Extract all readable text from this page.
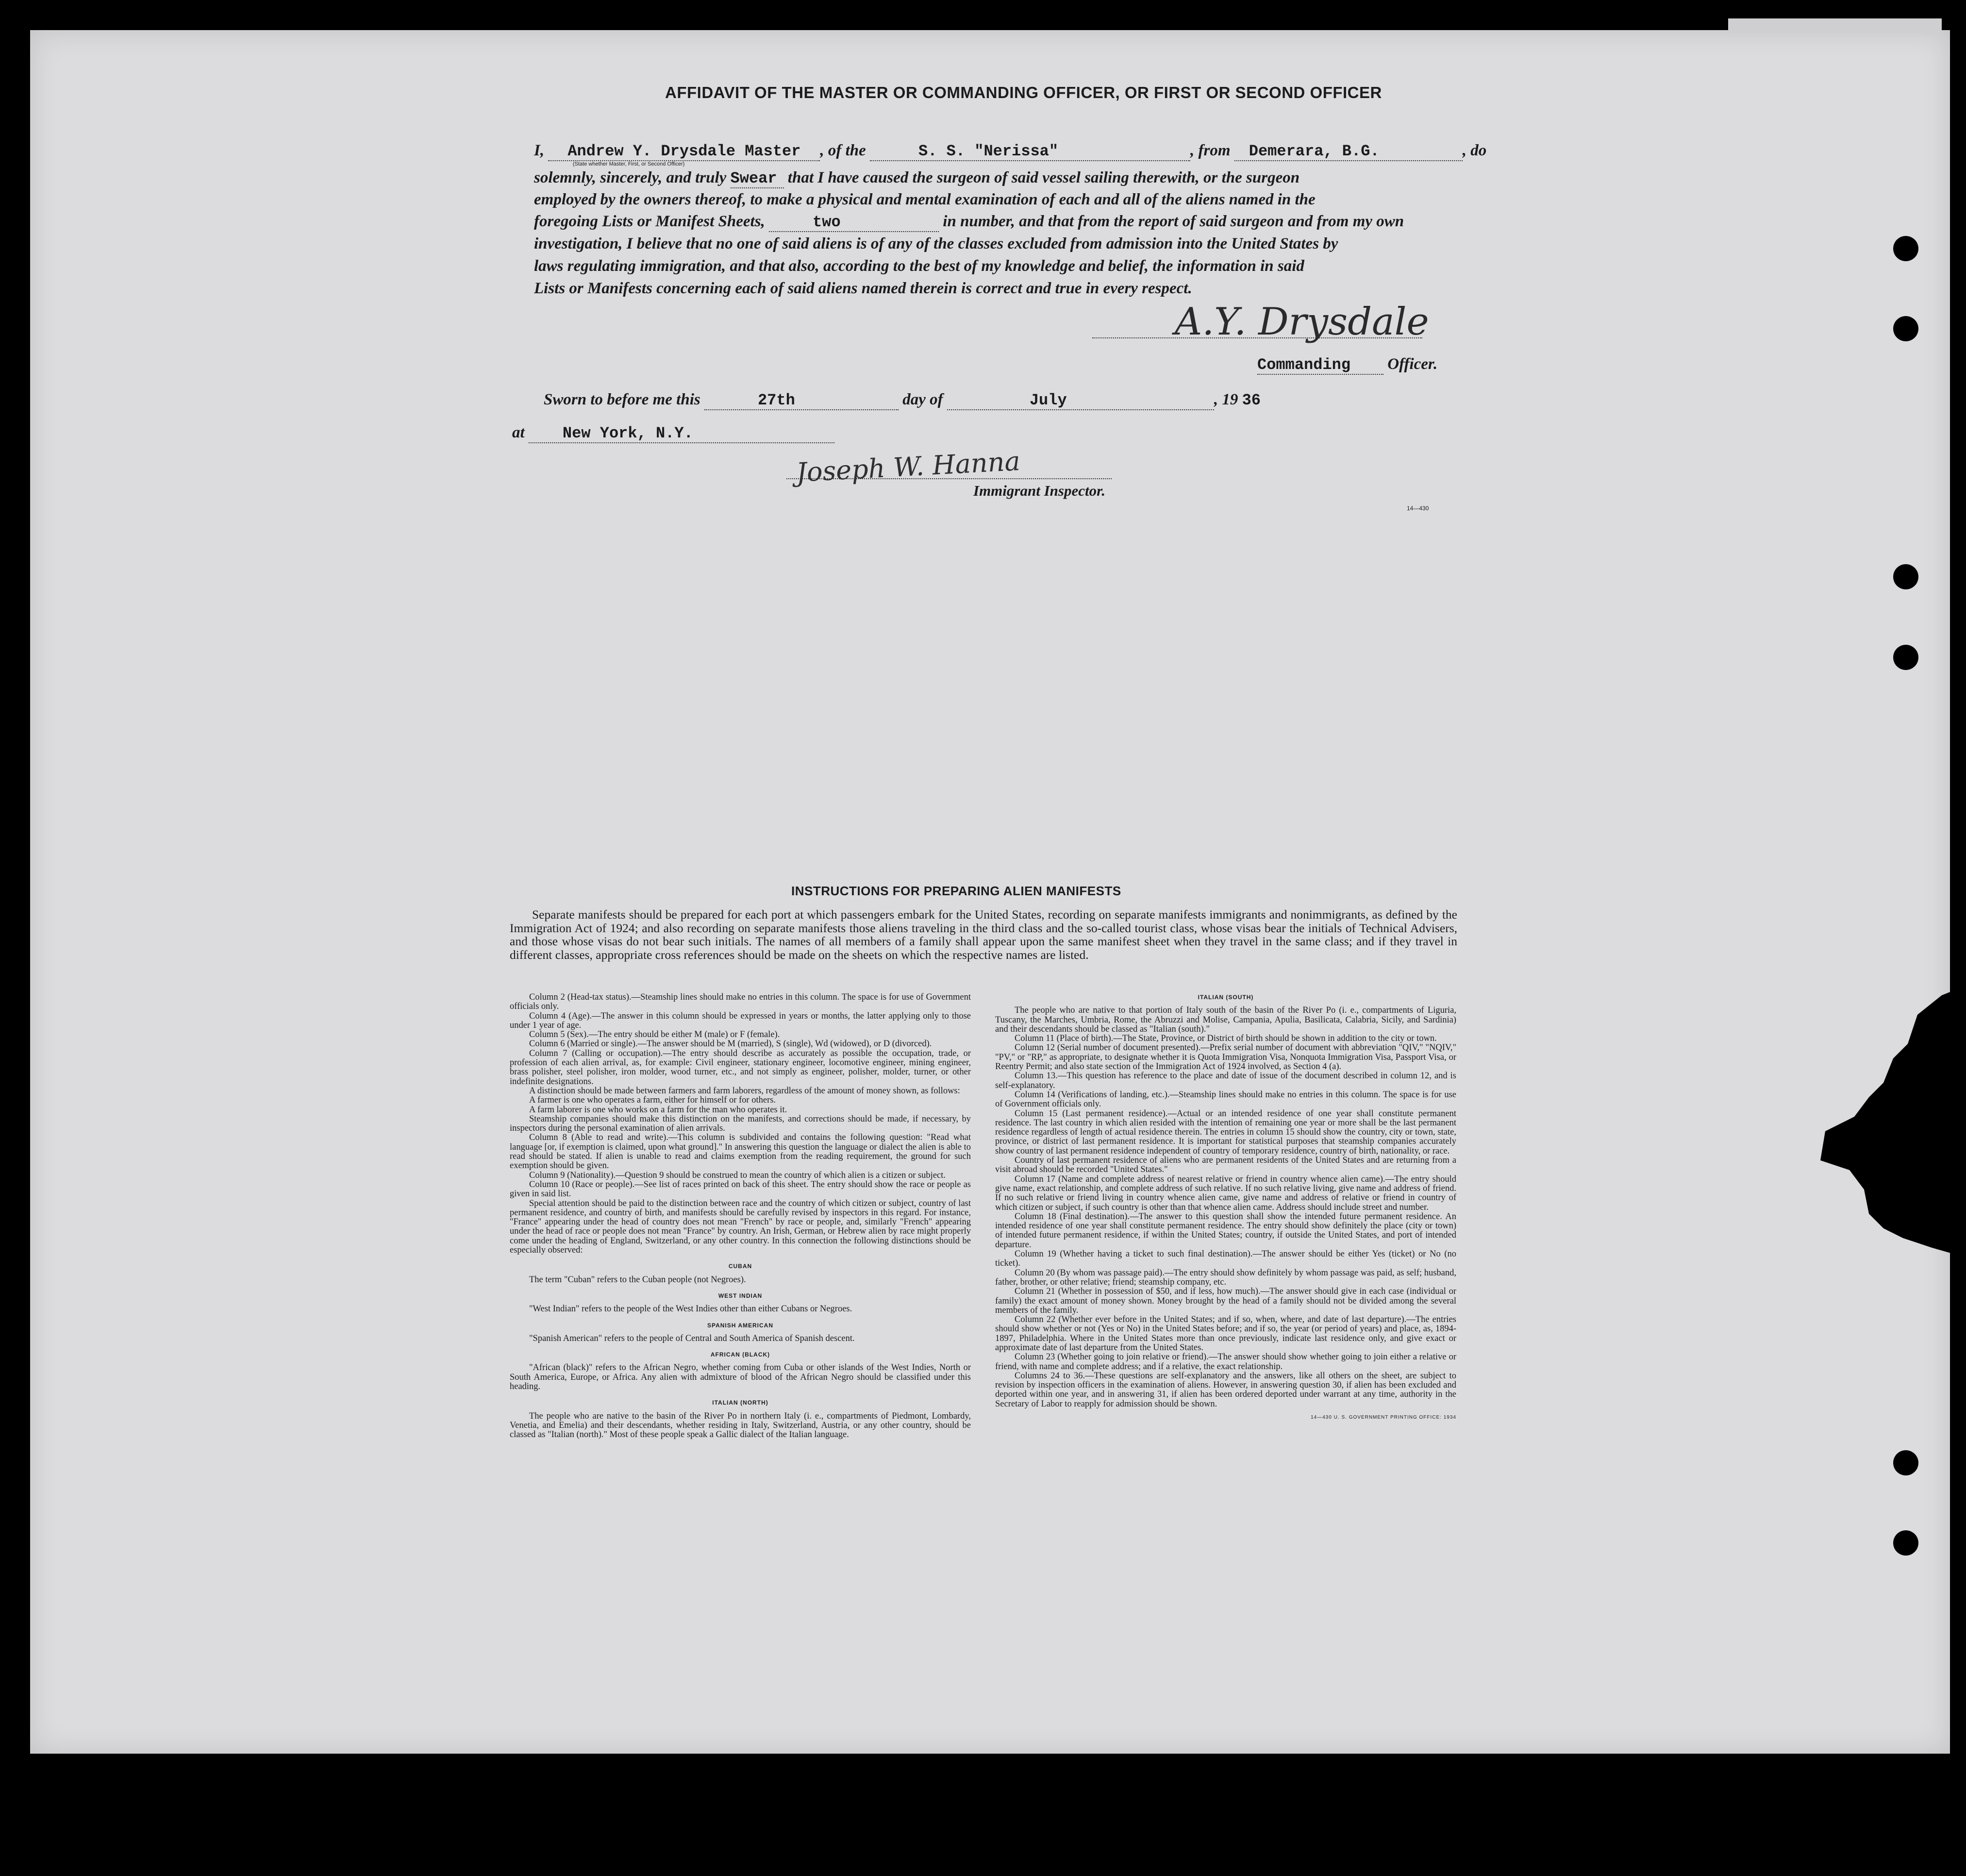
AFFIDAVIT OF THE MASTER OR COMMANDING OFFICER, OR FIRST OR SECOND OFFICER
I, Andrew Y. Drysdale Master , of the	S. S. "Nerissa"	, from Demerara, B.G.	, do
(State whether Master, First, or Second Officer)
solemnly, sincerely, and truly Swear that I have caused the surgeon of said vessel sailing therewith, or the surgeon
employed by the owners thereof, to make a physical and mental examination of each and all of the aliens named in the
foregoing Lists or Manifest Sheets,	two	in number, and that from the report of said surgeon and from my own
investigation, I believe that no one of said aliens is of any of the classes excluded from admission into the United States by
laws regulating immigration, and that also, according to the best of my knowledge and belief, the information in said
Lists or Manifests concerning each of said aliens named therein is correct and true in every respect.
A.Y. Drysdale
Commanding Officer.
Sworn to before me this	27th	day of	July	, 19 36
at New York, N.Y.
Joseph W. Hanna
Immigrant Inspector.
14—430
INSTRUCTIONS FOR PREPARING ALIEN MANIFESTS
Separate manifests should be prepared for each port at which passengers embark for the United States, recording on separate manifests immigrants and nonimmigrants, as defined by the Immigration Act of 1924; and also recording on separate manifests those aliens traveling in the third class and the so-called tourist class, whose visas bear the initials of Technical Advisers, and those whose visas do not bear such initials. The names of all members of a family shall appear upon the same manifest sheet when they travel in the same class; and if they travel in different classes, appropriate cross references should be made on the sheets on which the respective names are listed.

Column 2 (Head-tax status).—Steamship lines should make no entries in this column. The space is for use of Government officials only.

Column 4 (Age).—The answer in this column should be expressed in years or months, the latter applying only to those under 1 year of age.

Column 5 (Sex).—The entry should be either M (male) or F (female).

Column 6 (Married or single).—The answer should be M (married), S (single), Wd (widowed), or D (divorced).

Column 7 (Calling or occupation).—The entry should describe as accurately as possible the occupation, trade, or profession of each alien arrival, as, for example: Civil engineer, stationary engineer, locomotive engineer, mining engineer, brass polisher, steel polisher, iron molder, wood turner, etc., and not simply as engineer, polisher, molder, turner, or other indefinite designations.

A distinction should be made between farmers and farm laborers, regardless of the amount of money shown, as follows:

A farmer is one who operates a farm, either for himself or for others.

A farm laborer is one who works on a farm for the man who operates it.

Steamship companies should make this distinction on the manifests, and corrections should be made, if necessary, by inspectors during the personal examination of alien arrivals.

Column 8 (Able to read and write).—This column is subdivided and contains the following question: "Read what language [or, if exemption is claimed, upon what ground]." In answering this question the language or dialect the alien is able to read should be stated. If alien is unable to read and claims exemption from the reading requirement, the ground for such exemption should be given.

Column 9 (Nationality).—Question 9 should be construed to mean the country of which alien is a citizen or subject.

Column 10 (Race or people).—See list of races printed on back of this sheet. The entry should show the race or people as given in said list.

Special attention should be paid to the distinction between race and the country of which citizen or subject, country of last permanent residence, and country of birth, and manifests should be carefully revised by inspectors in this regard. For instance, "France" appearing under the head of country does not mean "French" by race or people, and, similarly "French" appearing under the head of race or people does not mean "France" by country. An Irish, German, or Hebrew alien by race might properly come under the heading of England, Switzerland, or any other country. In this connection the following distinctions should be especially observed:

CUBAN

The term "Cuban" refers to the Cuban people (not Negroes).

WEST INDIAN

"West Indian" refers to the people of the West Indies other than either Cubans or Negroes.

SPANISH AMERICAN

"Spanish American" refers to the people of Central and South America of Spanish descent.

AFRICAN (BLACK)

"African (black)" refers to the African Negro, whether coming from Cuba or other islands of the West Indies, North or South America, Europe, or Africa. Any alien with admixture of blood of the African Negro should be classified under this heading.

ITALIAN (NORTH)

The people who are native to the basin of the River Po in northern Italy (i. e., compartments of Piedmont, Lombardy, Venetia, and Emelia) and their descendants, whether residing in Italy, Switzerland, Austria, or any other country, should be classed as "Italian (north)." Most of these people speak a Gallic dialect of the Italian language.

ITALIAN (SOUTH)

The people who are native to that portion of Italy south of the basin of the River Po (i. e., compartments of Liguria, Tuscany, the Marches, Umbria, Rome, the Abruzzi and Molise, Campania, Apulia, Basilicata, Calabria, Sicily, and Sardinia) and their descendants should be classed as "Italian (south)."

Column 11 (Place of birth).—The State, Province, or District of birth should be shown in addition to the city or town.

Column 12 (Serial number of document presented).—Prefix serial number of document with abbreviation "QIV," "NQIV," "PV," or "RP," as appropriate, to designate whether it is Quota Immigration Visa, Nonquota Immigration Visa, Passport Visa, or Reentry Permit; and also state section of the Immigration Act of 1924 involved, as Section 4 (a).

Column 13.—This question has reference to the place and date of issue of the document described in column 12, and is self-explanatory.

Column 14 (Verifications of landing, etc.).—Steamship lines should make no entries in this column. The space is for use of Government officials only.

Column 15 (Last permanent residence).—Actual or an intended residence of one year shall constitute permanent residence. The last country in which alien resided with the intention of remaining one year or more shall be the last permanent residence regardless of length of actual residence therein. The entries in column 15 should show the country, city or town, state, province, or district of last permanent residence. It is important for statistical purposes that steamship companies accurately show country of last permanent residence independent of country of temporary residence, country of birth, nationality, or race.

Country of last permanent residence of aliens who are permanent residents of the United States and are returning from a visit abroad should be recorded "United States."

Column 17 (Name and complete address of nearest relative or friend in country whence alien came).—The entry should give name, exact relationship, and complete address of such relative. If no such relative living, give name and address of friend. If no such relative or friend living in country whence alien came, give name and address of relative or friend in country of which citizen or subject, if such country is other than that whence alien came. Address should include street and number.

Column 18 (Final destination).—The answer to this question shall show the intended future permanent residence. An intended residence of one year shall constitute permanent residence. The entry should show definitely the place (city or town) of intended future permanent residence, if within the United States; country, if outside the United States, and port of intended departure.

Column 19 (Whether having a ticket to such final destination).—The answer should be either Yes (ticket) or No (no ticket).

Column 20 (By whom was passage paid).—The entry should show definitely by whom passage was paid, as self; husband, father, brother, or other relative; friend; steamship company, etc.

Column 21 (Whether in possession of $50, and if less, how much).—The answer should give in each case (individual or family) the exact amount of money shown. Money brought by the head of a family should not be divided among the several members of the family.

Column 22 (Whether ever before in the United States; and if so, when, where, and date of last departure).—The entries should show whether or not (Yes or No) in the United States before; and if so, the year (or period of years) and place, as, 1894-1897, Philadelphia. Where in the United States more than once previously, indicate last residence only, and give exact or approximate date of last departure from the United States.

Column 23 (Whether going to join relative or friend).—The answer should show whether going to join either a relative or friend, with name and complete address; and if a relative, the exact relationship.

Columns 24 to 36.—These questions are self-explanatory and the answers, like all others on the sheet, are subject to revision by inspection officers in the examination of aliens. However, in answering question 30, if alien has been excluded and deported within one year, and in answering 31, if alien has been ordered deported under warrant at any time, authority in the Secretary of Labor to reapply for admission should be shown.

14—430 U. S. GOVERNMENT PRINTING OFFICE: 1934
